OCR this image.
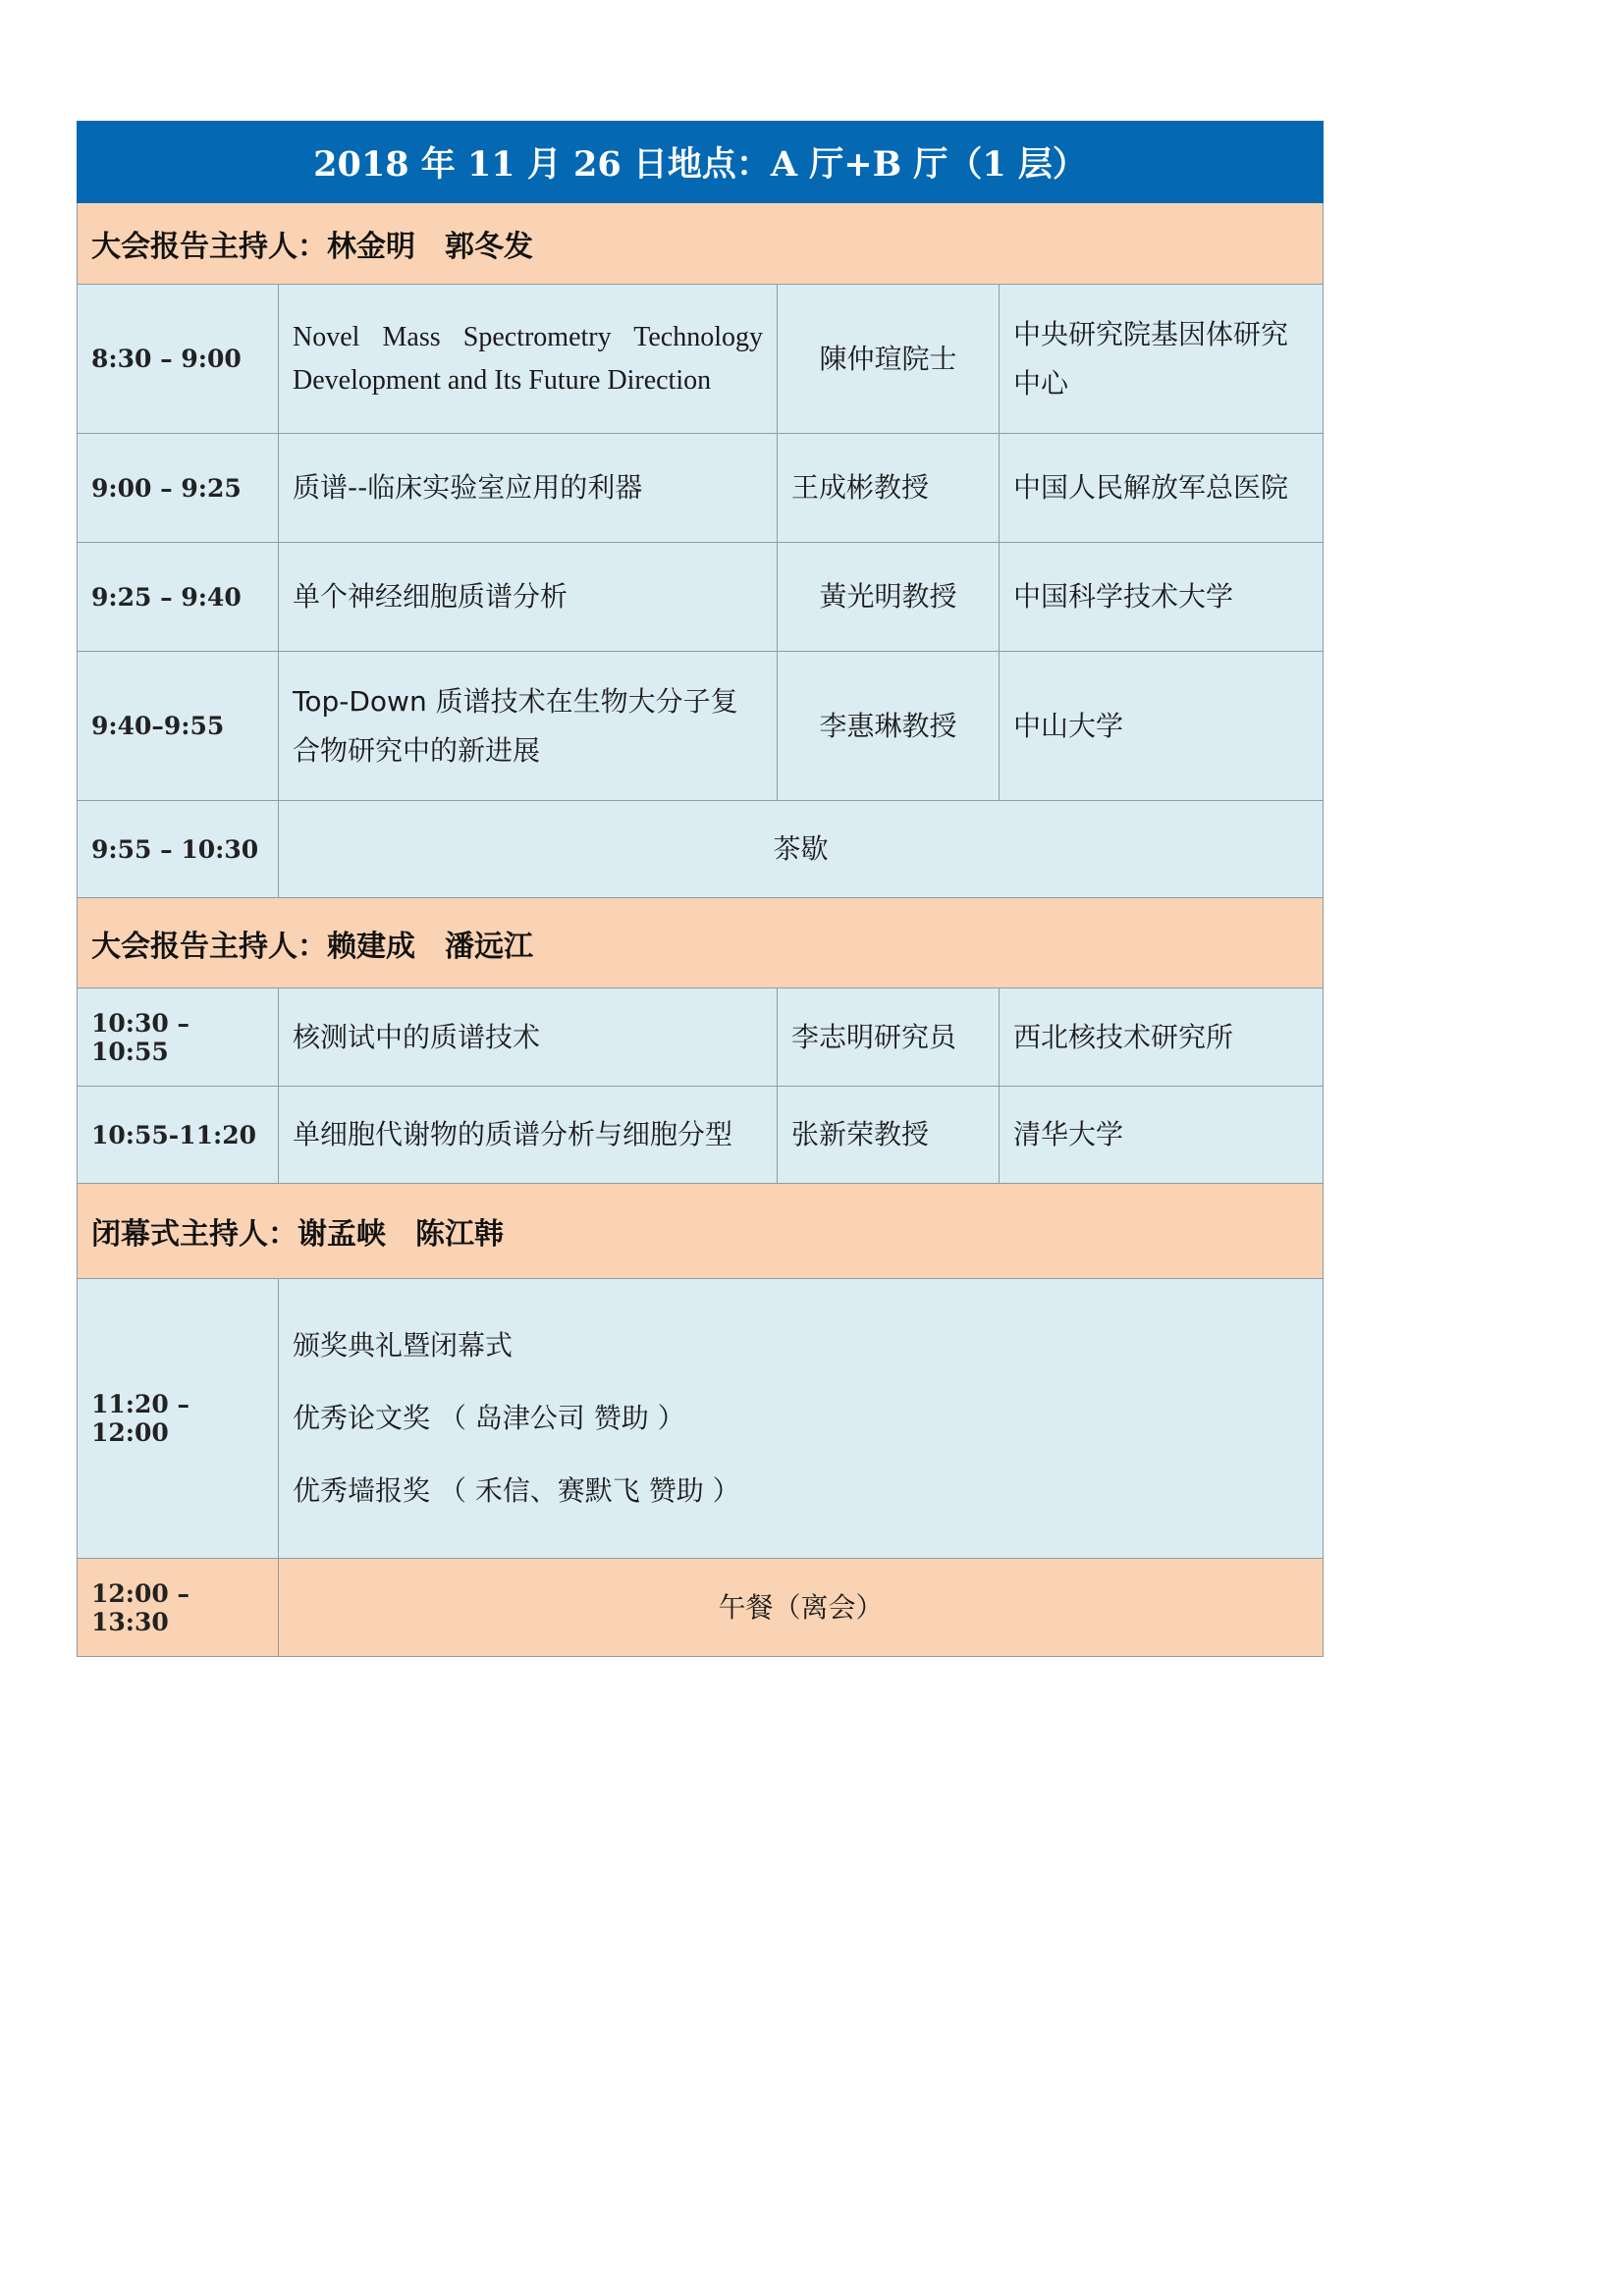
2018 年 11 月 26 日地点：A 厅+B 厅（1 层）			
大会报告主持人：林金明　郭冬发			
8:30 – 9:00	Novel Mass Spectrometry Technology Development and Its Future Direction	陳仲瑄院士	中央研究院基因体研究中心
9:00 – 9:25	质谱--临床实验室应用的利器	王成彬教授	中国人民解放军总医院
9:25 – 9:40	单个神经细胞质谱分析	黃光明教授	中国科学技术大学
9:40–9:55	Top-Down 质谱技术在生物大分子复合物研究中的新进展	李惠琳教授	中山大学
9:55 – 10:30	茶歇		
大会报告主持人：赖建成　潘远江			
10:30 – 10:55	核测试中的质谱技术	李志明研究员	西北核技术研究所
10:55-11:20	单细胞代谢物的质谱分析与细胞分型	张新荣教授	清华大学
闭幕式主持人：谢孟峡　陈江韩			
11:20 – 12:00	颁奖典礼暨闭幕式
优秀论文奖 （ 岛津公司 赞助 ）
优秀墙报奖 （ 禾信、赛默飞 赞助 ）		

12:00 – 13:30	午餐（离会）		
